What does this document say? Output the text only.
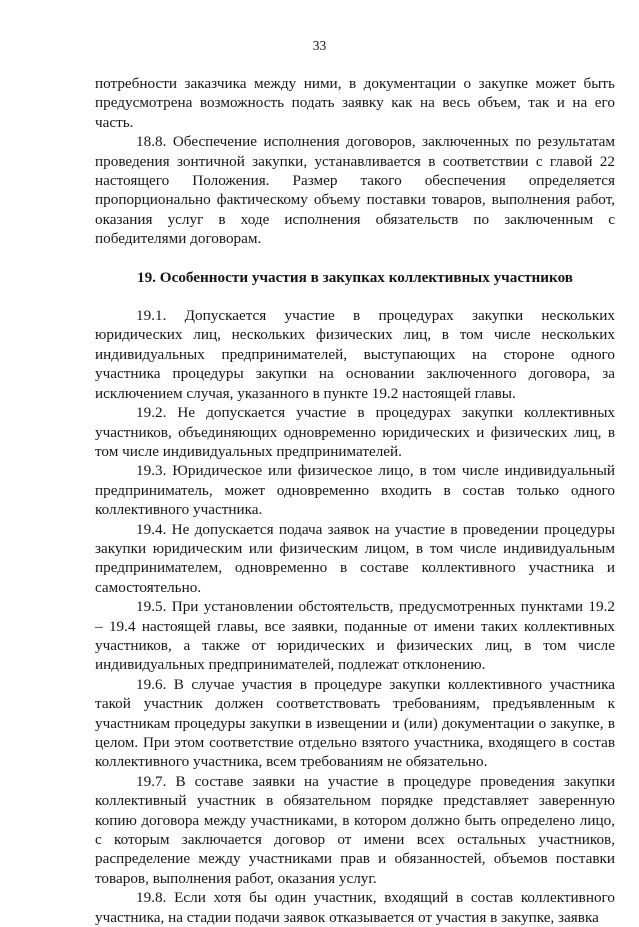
33

потребности заказчика между ними, в документации о закупке может быть предусмотрена возможность подать заявку как на весь объем, так и на его часть.

18.8. Обеспечение исполнения договоров, заключенных по результатам проведения зонтичной закупки, устанавливается в соответствии с главой 22 настоящего Положения. Размер такого обеспечения определяется пропорционально фактическому объему поставки товаров, выполнения работ, оказания услуг в ходе исполнения обязательств по заключенным с победителями договорам.

19. Особенности участия в закупках коллективных участников

19.1. Допускается участие в процедурах закупки нескольких юридических лиц, нескольких физических лиц, в том числе нескольких индивидуальных предпринимателей, выступающих на стороне одного участника процедуры закупки на основании заключенного договора, за исключением случая, указанного в пункте 19.2 настоящей главы.

19.2. Не допускается участие в процедурах закупки коллективных участников, объединяющих одновременно юридических и физических лиц, в том числе индивидуальных предпринимателей.

19.3. Юридическое или физическое лицо, в том числе индивидуальный предприниматель, может одновременно входить в состав только одного коллективного участника.

19.4. Не допускается подача заявок на участие в проведении процедуры закупки юридическим или физическим лицом, в том числе индивидуальным предпринимателем, одновременно в составе коллективного участника и самостоятельно.

19.5. При установлении обстоятельств, предусмотренных пунктами 19.2 – 19.4 настоящей главы, все заявки, поданные от имени таких коллективных участников, а также от юридических и физических лиц, в том числе индивидуальных предпринимателей, подлежат отклонению.

19.6. В случае участия в процедуре закупки коллективного участника такой участник должен соответствовать требованиям, предъявленным к участникам процедуры закупки в извещении и (или) документации о закупке, в целом. При этом соответствие отдельно взятого участника, входящего в состав коллективного участника, всем требованиям не обязательно.

19.7. В составе заявки на участие в процедуре проведения закупки коллективный участник в обязательном порядке представляет заверенную копию договора между участниками, в котором должно быть определено лицо, с которым заключается договор от имени всех остальных участников, распределение между участниками прав и обязанностей, объемов поставки товаров, выполнения работ, оказания услуг.

19.8. Если хотя бы один участник, входящий в состав коллективного участника, на стадии подачи заявок отказывается от участия в закупке, заявка
